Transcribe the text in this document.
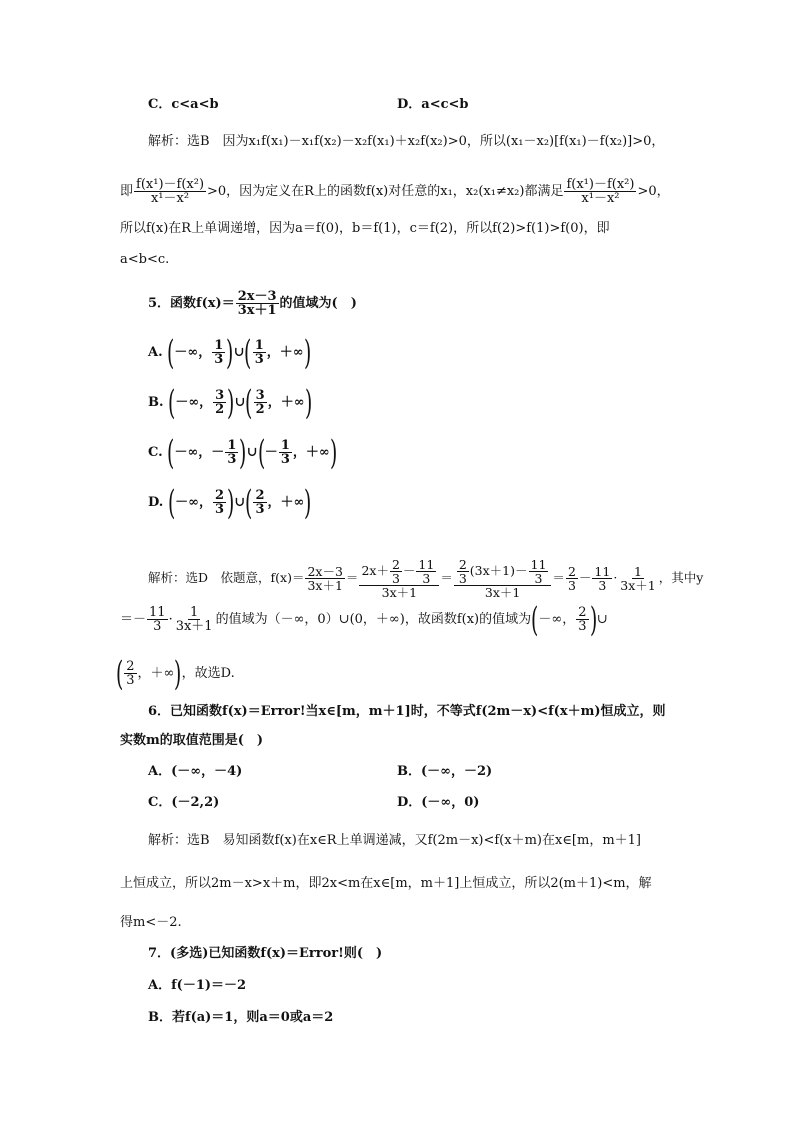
C．c<a<b	D．a<c<b
解析：选B　因为x₁f(x₁)－x₁f(x₂)－x₂f(x₁)＋x₂f(x₂)>0，所以(x₁－x₂)[f(x₁)－f(x₂)]>0，
即 $\frac{\text{f(x¹)－f(x²)}}{\text{x¹－x²}} >0$，因为定义在R上的函数f(x)对任意的x₁，x₂(x₁≠x₂)都满足 $\frac{\text{f(x¹)－f(x²)}}{\text{x¹－x²}} >0$，
所以f(x)在R上单调递增，因为a＝f(0)，b＝f(1)，c＝f(2)，所以f(2)>f(1)>f(0)，即
a<b<c.
5．函数$f(x)= \frac{2x-3}{3x+1}$ 的值域为(　)
A. (－∞， $\frac{1}{3}$ )∪( $\frac{1}{3}$ ，＋∞)
B. (－∞， $\frac{3}{2}$ )∪( $\frac{3}{2}$ ，＋∞)
C. (－∞，－ $\frac{1}{3}$ )∪(－ $\frac{1}{3}$ ，＋∞)
D. (－∞， $\frac{2}{3}$ )∪( $\frac{2}{3}$ ，＋∞)
解析：选D　依题意，$f(x)= \frac{2x-3}{3x+1} = \frac{2x+ \frac{2}{3} - \frac{11}{3}}{3x+1} = \frac{\frac{2}{3} (3x+1)- \frac{11}{3}}{3x+1} = \frac{2}{3} - \frac{11}{3} \cdot \frac{1}{3x+1}$ ，其中y
＝－ $\frac{11}{3} \cdot \frac{1}{3x+1}$ 的值域为（－∞，0）∪(0，＋∞)，故函数f(x)的值域为(－∞， $\frac{2}{3}$ )∪
( $\frac{2}{3}$ ，＋∞)，故选D.
6．已知函数f(x)＝Error!当x∈[m，m＋1]时，不等式f(2m－x)<f(x＋m)恒成立，则
实数m的取值范围是(　)
A．(－∞，－4)	B．(－∞，－2)
C．(－2,2)	D．(－∞，0)
解析：选B　易知函数f(x)在x∈R上单调递减，又f(2m－x)<f(x＋m)在x∈[m，m＋1]
上恒成立，所以2m－x>x＋m，即2x<m在x∈[m，m＋1]上恒成立，所以2(m＋1)<m，解
得m<－2.
7．(多选)已知函数f(x)＝Error!则(　)
A．f(－1)＝－2
B．若f(a)＝1，则a＝0或a＝2
